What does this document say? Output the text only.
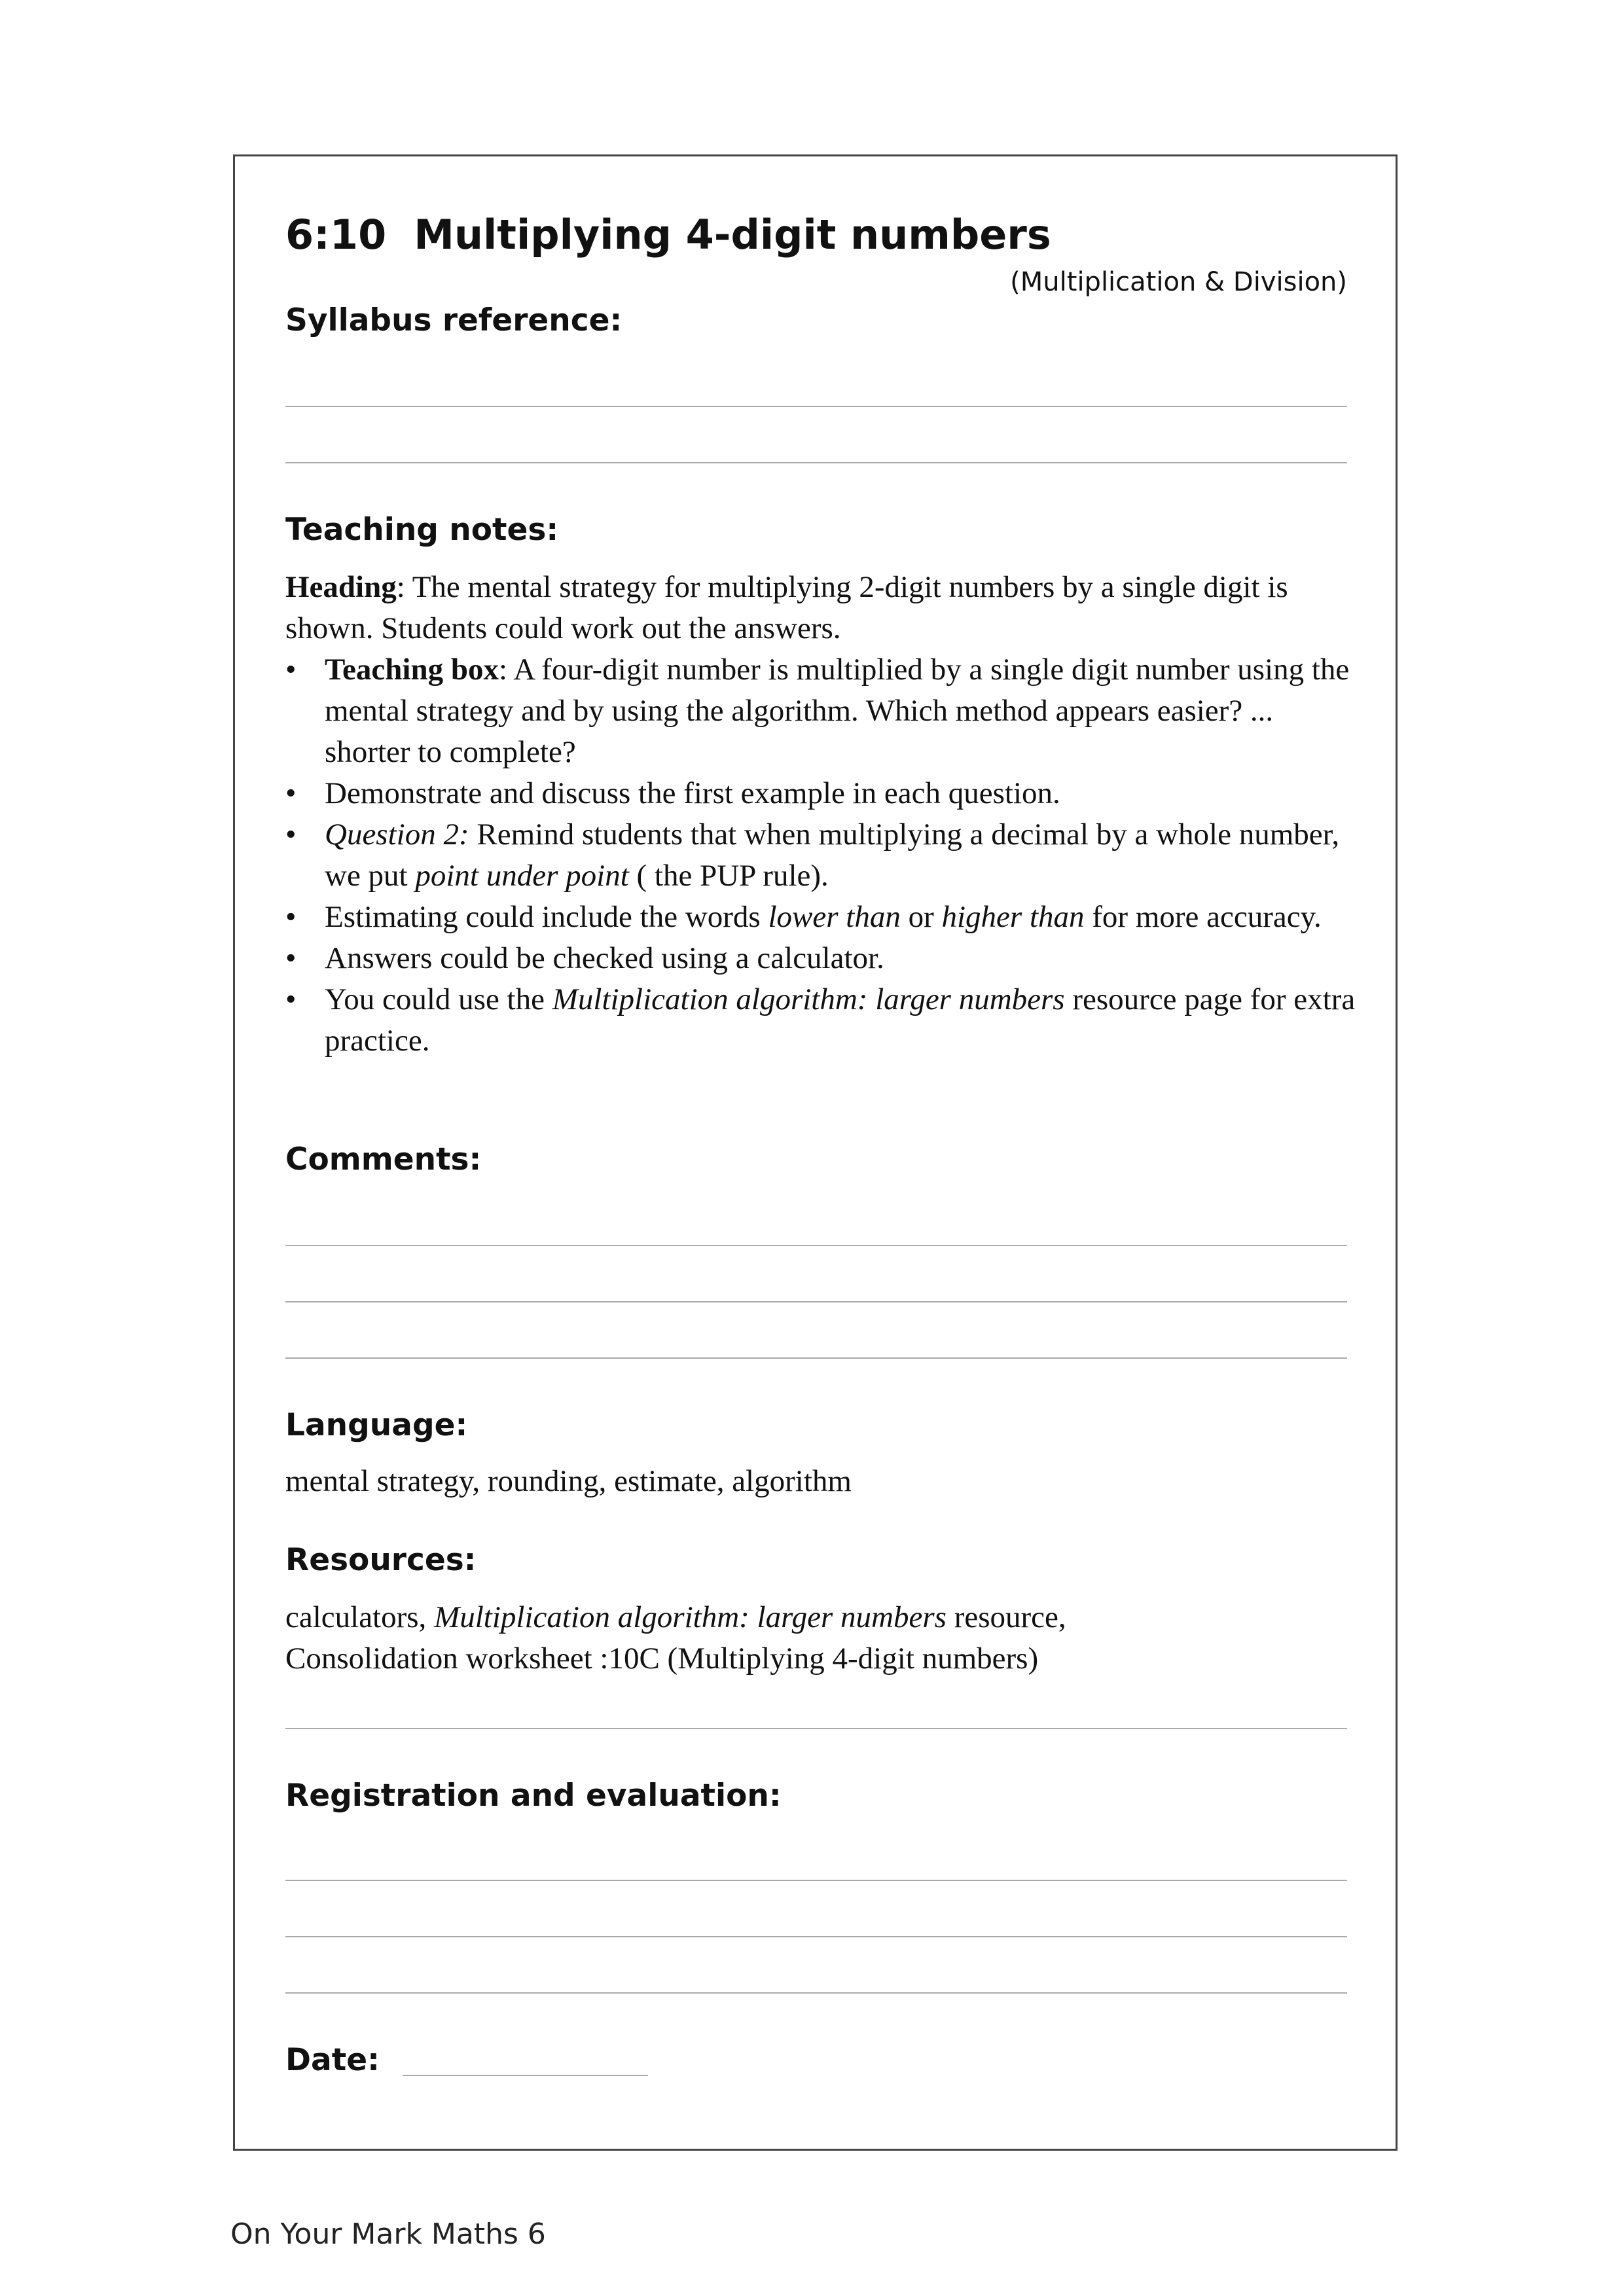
6:10 Multiplying 4-digit numbers
(Multiplication & Division)
Syllabus reference:
Teaching notes:

Heading: The mental strategy for multiplying 2-digit numbers by a single digit is shown. Students could work out the answers.

• Teaching box: A four-digit number is multiplied by a single digit number using the mental strategy and by using the algorithm. Which method appears easier? ... shorter to complete?
• Demonstrate and discuss the first example in each question.
• Question 2: Remind students that when multiplying a decimal by a whole number, we put point under point ( the PUP rule).
• Estimating could include the words lower than or higher than for more accuracy.
• Answers could be checked using a calculator.
• You could use the Multiplication algorithm: larger numbers resource page for extra practice.
Comments:
Language:
mental strategy, rounding, estimate, algorithm
Resources:
calculators, Multiplication algorithm: larger numbers resource,
Consolidation worksheet :10C (Multiplying 4-digit numbers)
Registration and evaluation:
Date:
On Your Mark Maths 6
